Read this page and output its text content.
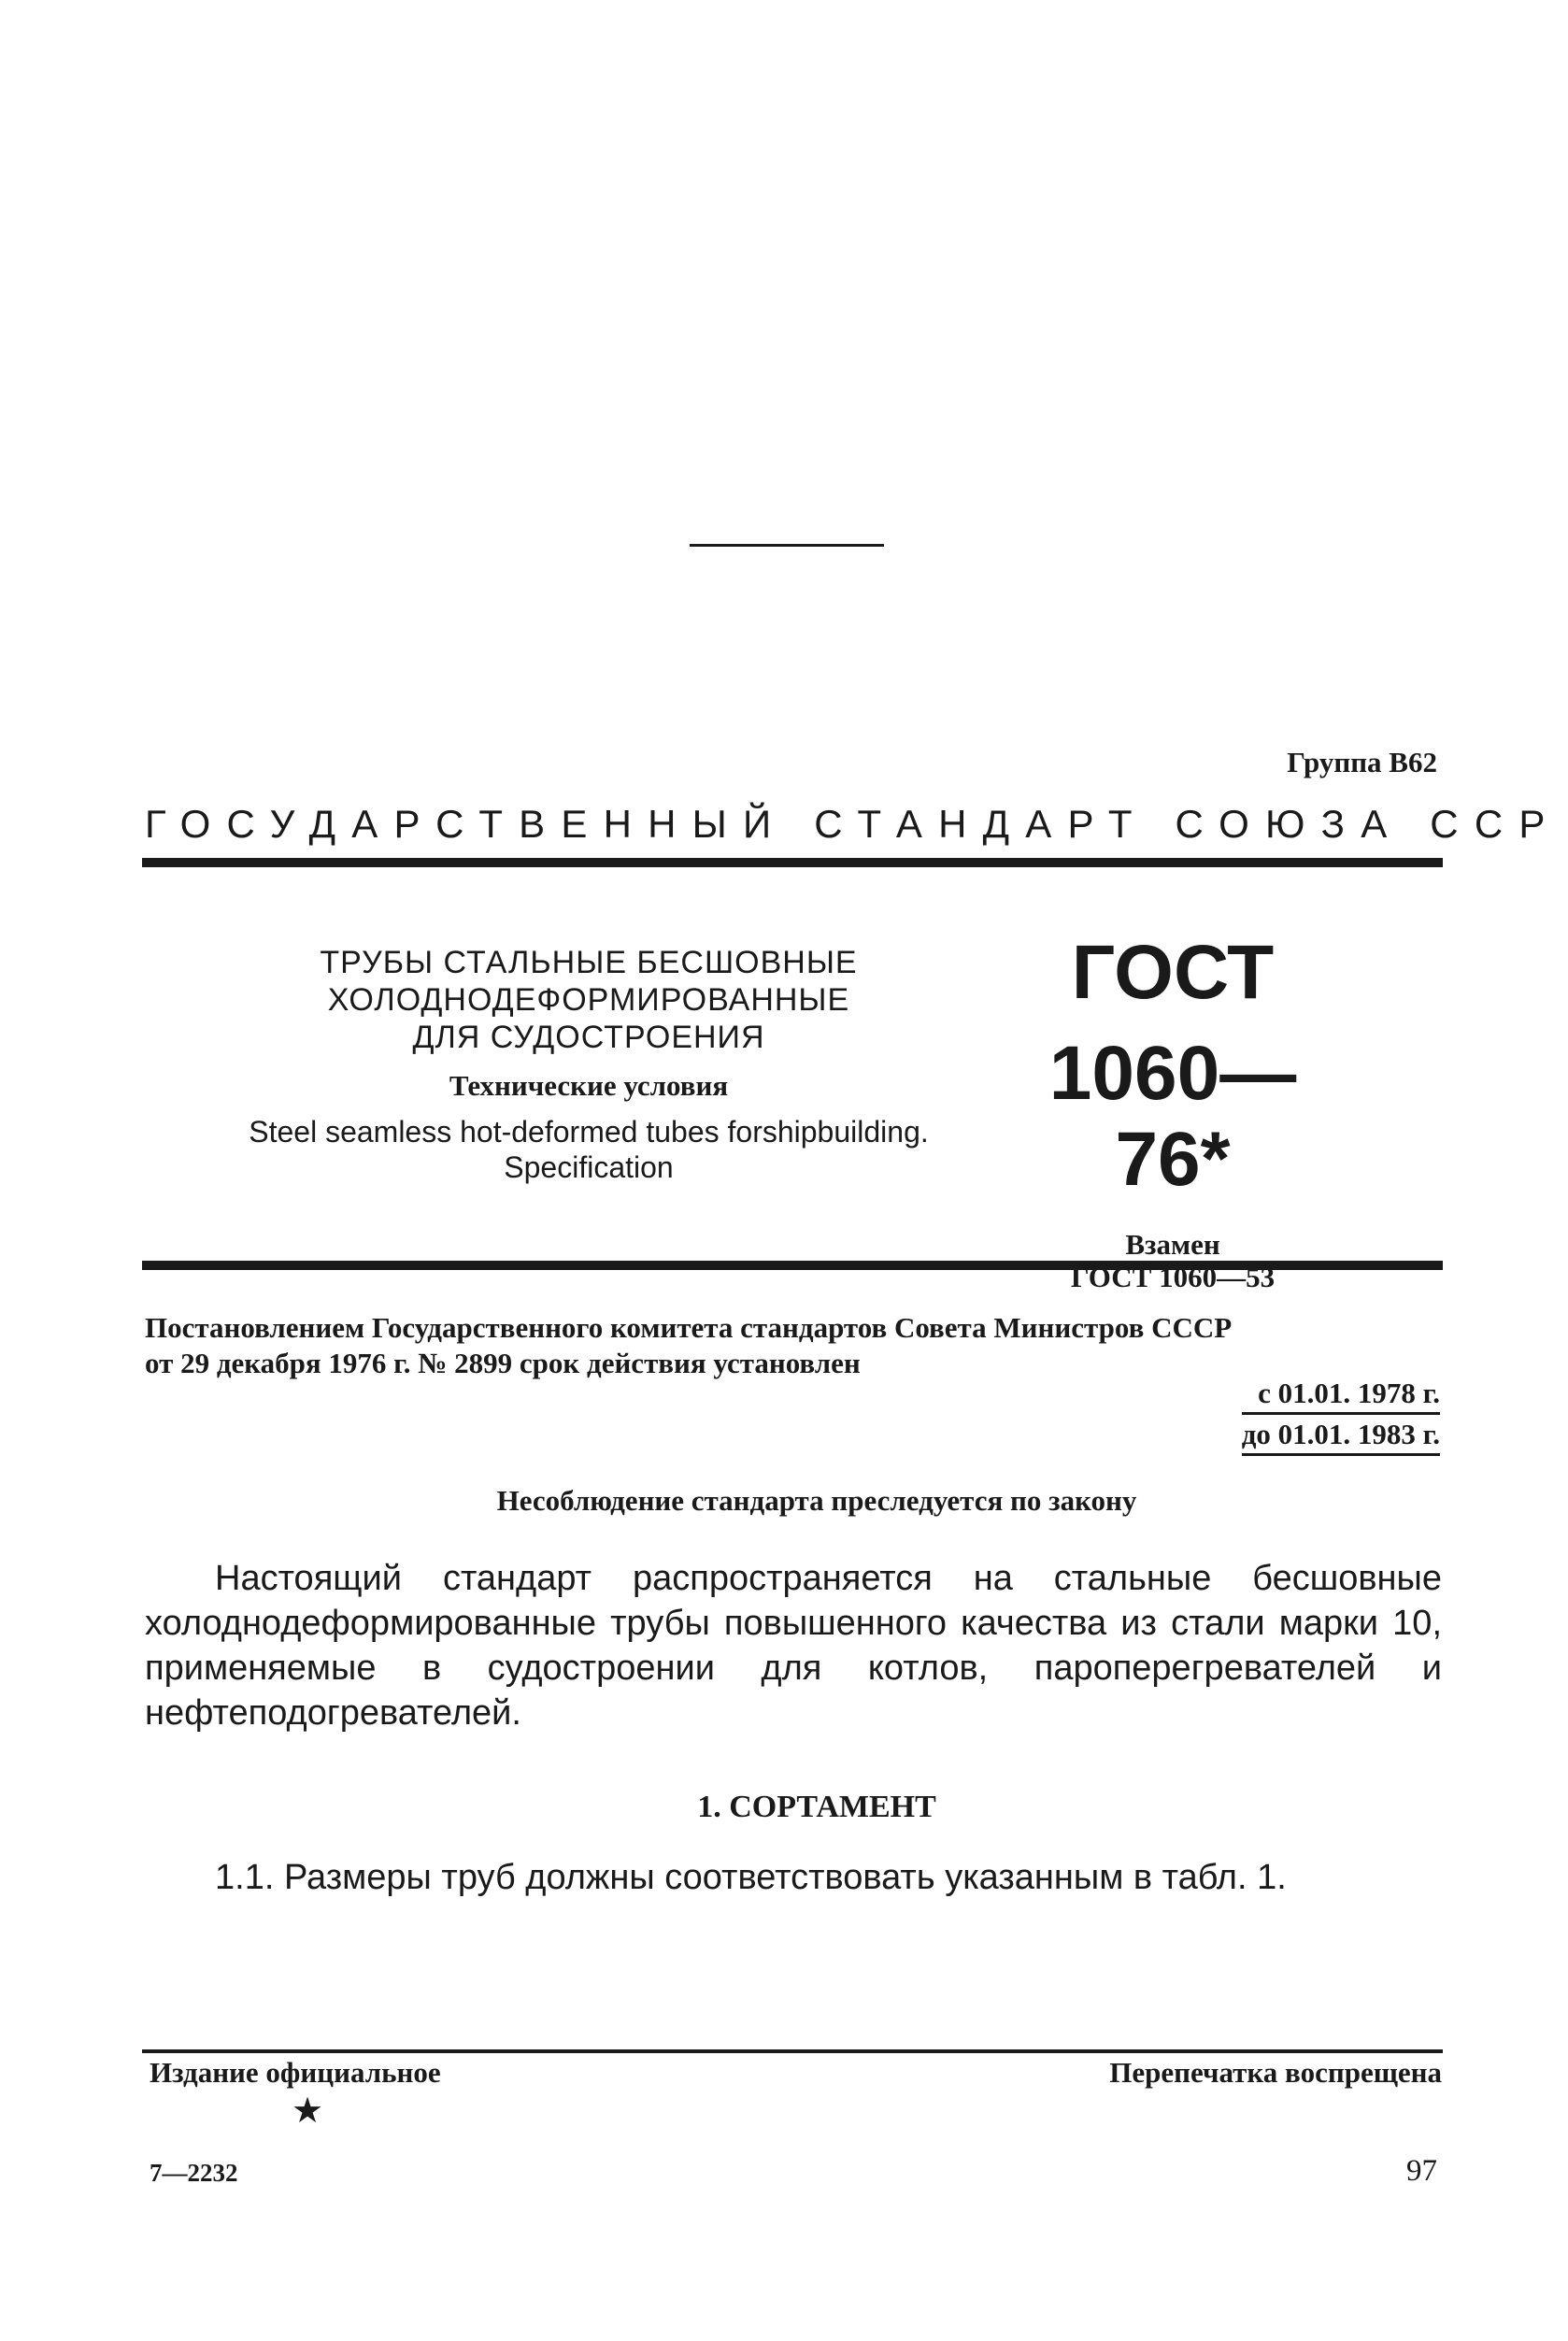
Группа В62
ГОСУДАРСТВЕННЫЙ СТАНДАРТ СОЮЗА ССР
ТРУБЫ СТАЛЬНЫЕ БЕСШОВНЫЕ
ХОЛОДНОДЕФОРМИРОВАННЫЕ
ДЛЯ СУДОСТРОЕНИЯ
Технические условия
Steel seamless hot-deformed tubes forshipbuilding.
Specification
ГОСТ
1060—76*
Взамен
ГОСТ 1060—53
Постановлением Государственного комитета стандартов Совета Министров СССР
от 29 декабря 1976 г. № 2899 срок действия установлен
с 01.01. 1978 г.
до 01.01. 1983 г.
Несоблюдение стандарта преследуется по закону
Настоящий стандарт распространяется на стальные бесшовные холоднодеформированные трубы повышенного качества из стали марки 10, применяемые в судостроении для котлов, пароперегревателей и нефтеподогревателей.
1. СОРТАМЕНТ
1.1. Размеры труб должны соответствовать указанным в табл. 1.
Издание официальное	Перепечатка воспрещена
★
7—2232	97
